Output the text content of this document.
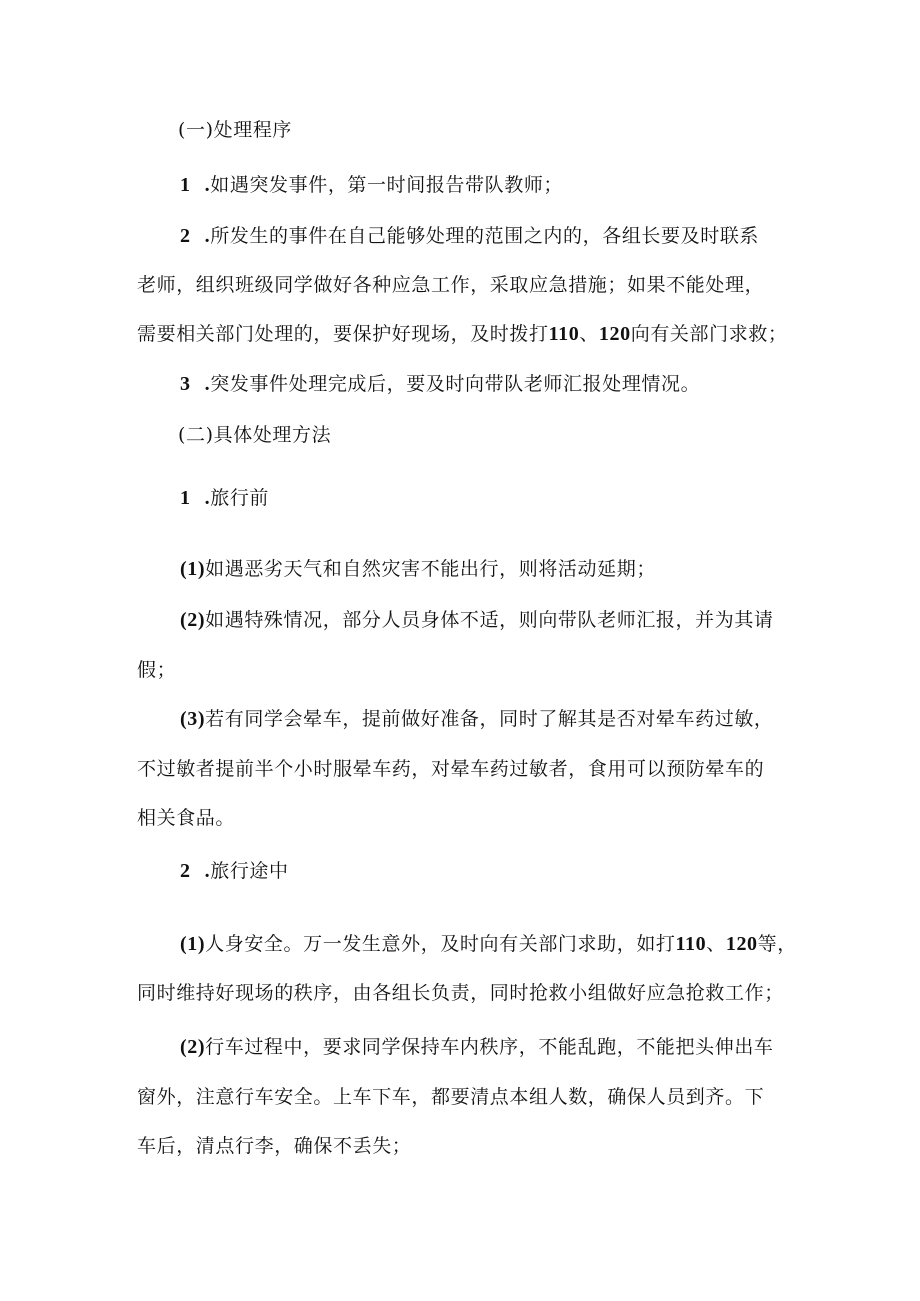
(一)处理程序
1 .如遇突发事件，第一时间报告带队教师；
2 .所发生的事件在自己能够处理的范围之内的，各组长要及时联系
老师，组织班级同学做好各种应急工作，采取应急措施；如果不能处理，
需要相关部门处理的，要保护好现场，及时拨打110、120向有关部门求救；
3 .突发事件处理完成后，要及时向带队老师汇报处理情况。
(二)具体处理方法
1 .旅行前
(1)如遇恶劣天气和自然灾害不能出行，则将活动延期；
(2)如遇特殊情况，部分人员身体不适，则向带队老师汇报，并为其请
假；
(3)若有同学会晕车，提前做好准备，同时了解其是否对晕车药过敏，
不过敏者提前半个小时服晕车药，对晕车药过敏者，食用可以预防晕车的
相关食品。
2 .旅行途中
(1)人身安全。万一发生意外，及时向有关部门求助，如打110、120等，
同时维持好现场的秩序，由各组长负责，同时抢救小组做好应急抢救工作；
(2)行车过程中，要求同学保持车内秩序，不能乱跑，不能把头伸出车
窗外，注意行车安全。上车下车，都要清点本组人数，确保人员到齐。下
车后，清点行李，确保不丢失；
